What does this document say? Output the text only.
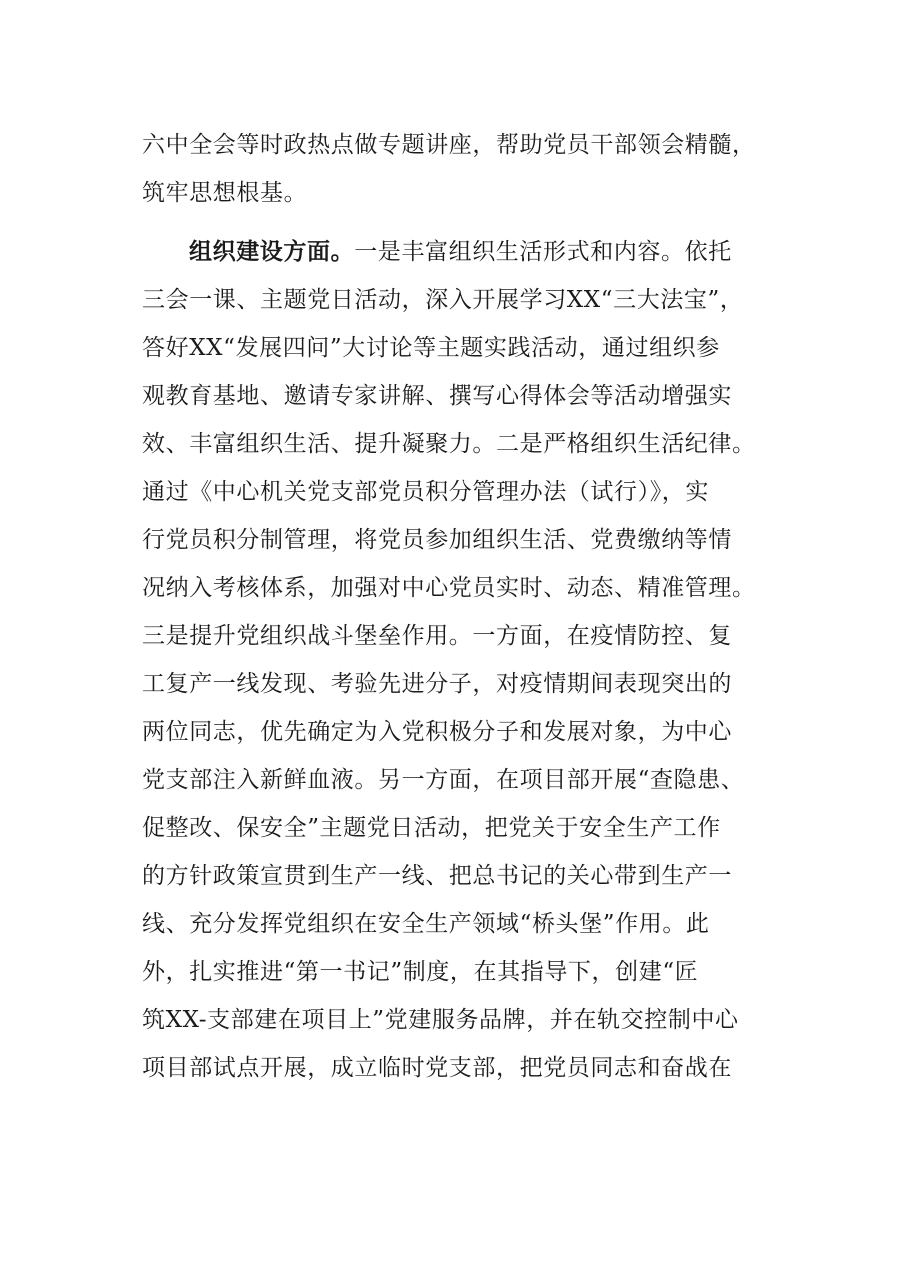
六中全会等时政热点做专题讲座，帮助党员干部领会精髓，
筑牢思想根基。
组织建设方面。一是丰富组织生活形式和内容。依托
三会一课、主题党日活动，深入开展学习XX“三大法宝”，
答好XX“发展四问”大讨论等主题实践活动，通过组织参
观教育基地、邀请专家讲解、撰写心得体会等活动增强实
效、丰富组织生活、提升凝聚力。二是严格组织生活纪律。
通过《中心机关党支部党员积分管理办法（试行）》，实
行党员积分制管理，将党员参加组织生活、党费缴纳等情
况纳入考核体系，加强对中心党员实时、动态、精准管理。
三是提升党组织战斗堡垒作用。一方面，在疫情防控、复
工复产一线发现、考验先进分子，对疫情期间表现突出的
两位同志，优先确定为入党积极分子和发展对象，为中心
党支部注入新鲜血液。另一方面，在项目部开展“查隐患、
促整改、保安全”主题党日活动，把党关于安全生产工作
的方针政策宣贯到生产一线、把总书记的关心带到生产一
线、充分发挥党组织在安全生产领域“桥头堡”作用。此
外，扎实推进“第一书记”制度，在其指导下，创建“匠
筑XX-支部建在项目上”党建服务品牌，并在轨交控制中心
项目部试点开展，成立临时党支部，把党员同志和奋战在
